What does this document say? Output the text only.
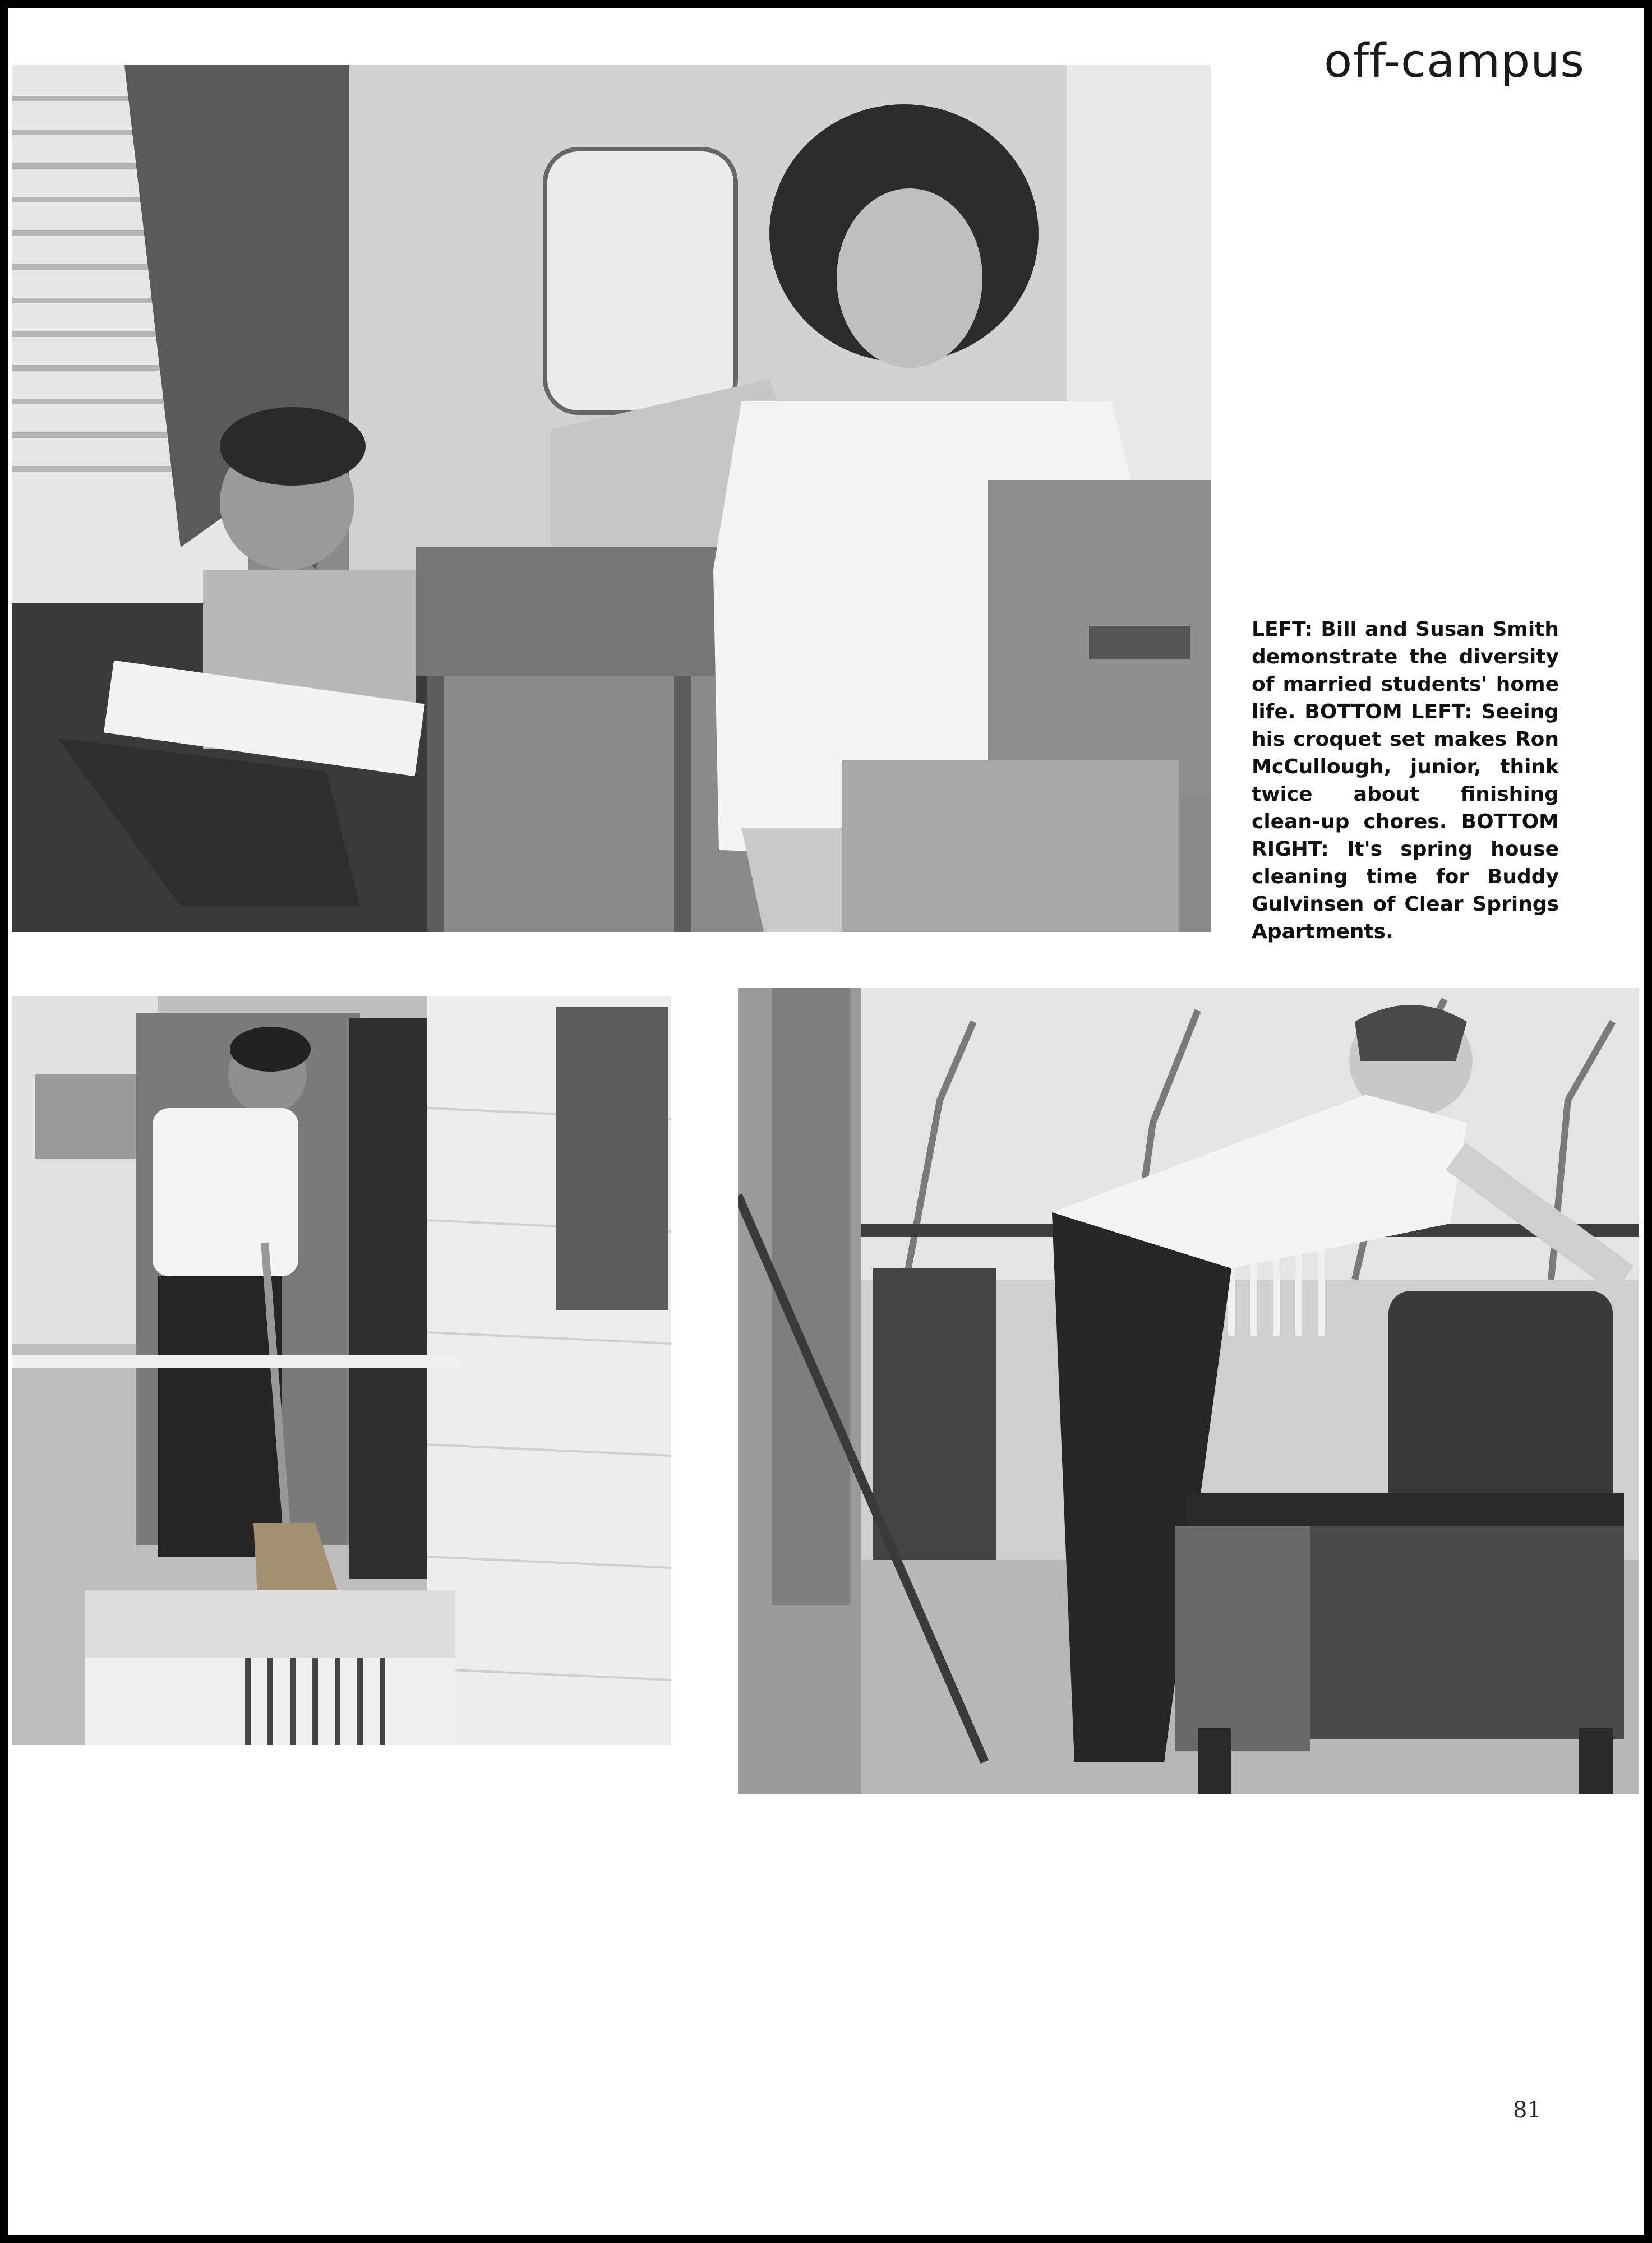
off-campus
LEFT: Bill and Susan Smith demonstrate the diversity of married students' home life. BOTTOM LEFT: Seeing his croquet set makes Ron McCullough, junior, think twice about finishing clean-up chores. BOTTOM RIGHT: It's spring house cleaning time for Buddy Gulvinsen of Clear Springs Apartments.
81
